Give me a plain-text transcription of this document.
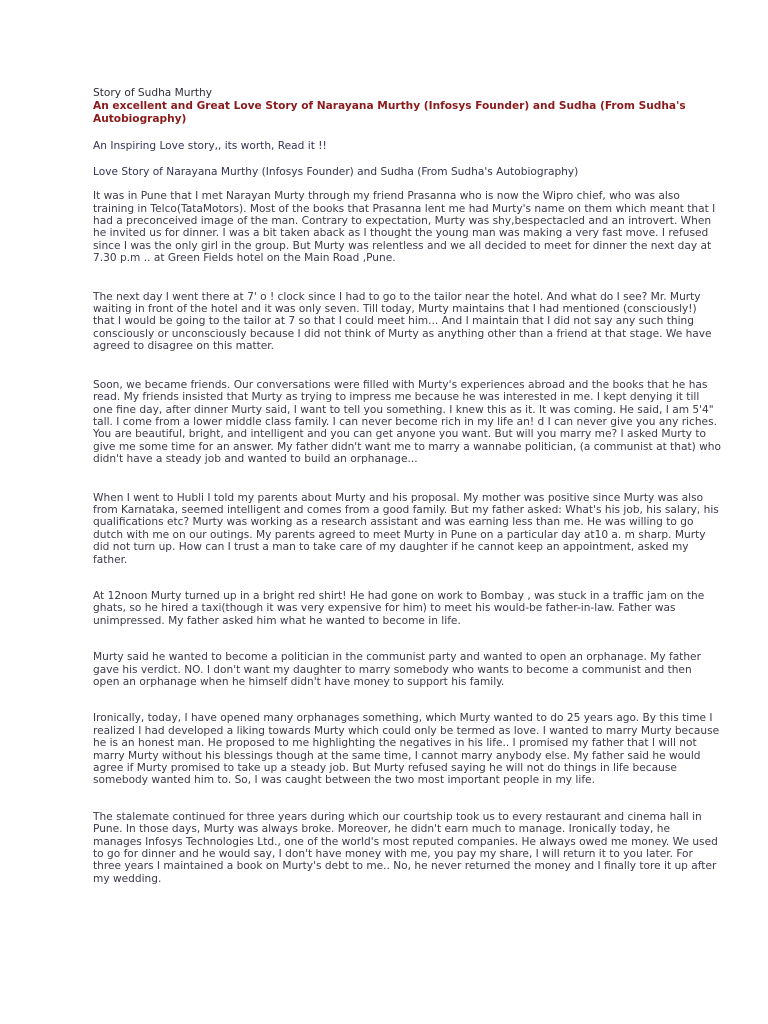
Story of Sudha Murthy

An excellent and Great Love Story of Narayana Murthy (Infosys Founder) and Sudha (From Sudha's Autobiography)

An Inspiring Love story,, its worth, Read it !!

Love Story of Narayana Murthy (Infosys Founder) and Sudha (From Sudha's Autobiography)

It was in Pune that I met Narayan Murty through my friend Prasanna who is now the Wipro chief, who was also training in Telco(TataMotors). Most of the books that Prasanna lent me had Murty's name on them which meant that I had a preconceived image of the man. Contrary to expectation, Murty was shy,bespectacled and an introvert. When he invited us for dinner. I was a bit taken aback as I thought the young man was making a very fast move. I refused since I was the only girl in the group. But Murty was relentless and we all decided to meet for dinner the next day at 7.30 p.m .. at Green Fields hotel on the Main Road ,Pune.

The next day I went there at 7' o ! clock since I had to go to the tailor near the hotel. And what do I see? Mr. Murty waiting in front of the hotel and it was only seven. Till today, Murty maintains that I had mentioned (consciously!) that I would be going to the tailor at 7 so that I could meet him... And I maintain that I did not say any such thing consciously or unconsciously because I did not think of Murty as anything other than a friend at that stage. We have agreed to disagree on this matter.

Soon, we became friends. Our conversations were filled with Murty's experiences abroad and the books that he has read. My friends insisted that Murty as trying to impress me because he was interested in me. I kept denying it till one fine day, after dinner Murty said, I want to tell you something. I knew this as it. It was coming. He said, I am 5'4" tall. I come from a lower middle class family. I can never become rich in my life an! d I can never give you any riches. You are beautiful, bright, and intelligent and you can get anyone you want. But will you marry me? I asked Murty to give me some time for an answer. My father didn't want me to marry a wannabe politician, (a communist at that) who didn't have a steady job and wanted to build an orphanage...

When I went to Hubli I told my parents about Murty and his proposal. My mother was positive since Murty was also from Karnataka, seemed intelligent and comes from a good family. But my father asked: What's his job, his salary, his qualifications etc? Murty was working as a research assistant and was earning less than me. He was willing to go dutch with me on our outings. My parents agreed to meet Murty in Pune on a particular day at10 a. m sharp. Murty did not turn up. How can I trust a man to take care of my daughter if he cannot keep an appointment, asked my father.

At 12noon Murty turned up in a bright red shirt! He had gone on work to Bombay , was stuck in a traffic jam on the ghats, so he hired a taxi(though it was very expensive for him) to meet his would-be father-in-law. Father was unimpressed. My father asked him what he wanted to become in life.

Murty said he wanted to become a politician in the communist party and wanted to open an orphanage. My father gave his verdict. NO. I don't want my daughter to marry somebody who wants to become a communist and then open an orphanage when he himself didn't have money to support his family.

Ironically, today, I have opened many orphanages something, which Murty wanted to do 25 years ago. By this time I realized I had developed a liking towards Murty which could only be termed as love. I wanted to marry Murty because he is an honest man. He proposed to me highlighting the negatives in his life.. I promised my father that I will not marry Murty without his blessings though at the same time, I cannot marry anybody else. My father said he would agree if Murty promised to take up a steady job. But Murty refused saying he will not do things in life because somebody wanted him to. So, I was caught between the two most important people in my life.

The stalemate continued for three years during which our courtship took us to every restaurant and cinema hall in Pune. In those days, Murty was always broke. Moreover, he didn't earn much to manage. Ironically today, he manages Infosys Technologies Ltd., one of the world's most reputed companies. He always owed me money. We used to go for dinner and he would say, I don't have money with me, you pay my share, I will return it to you later. For three years I maintained a book on Murty's debt to me.. No, he never returned the money and I finally tore it up after my wedding.
